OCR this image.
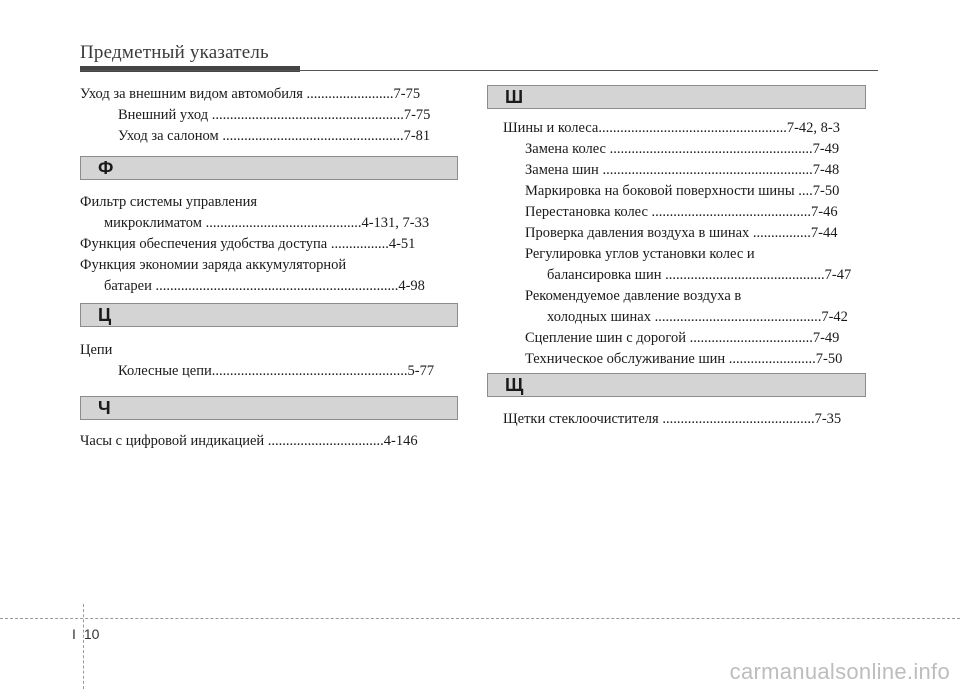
Предметный указатель
Уход за внешним видом автомобиля ........................7-75
Внешний уход .....................................................7-75
Уход за салоном ..................................................7-81
Ф
Фильтр системы управления
микроклиматом ...........................................4-131, 7-33
Функция обеспечения удобства доступа ................4-51
Функция экономии заряда аккумуляторной
батареи ...................................................................4-98
Ц
Цепи
Колесные цепи......................................................5-77
Ч
Часы с цифровой индикацией ................................4-146
Ш
Шины и колеса....................................................7-42, 8-3
Замена колес ........................................................7-49
Замена шин ..........................................................7-48
Маркировка на боковой поверхности шины ....7-50
Перестановка колес ............................................7-46
Проверка давления воздуха в шинах ................7-44
Регулировка углов установки колес и
балансировка шин ............................................7-47
Рекомендуемое давление воздуха в
холодных шинах ..............................................7-42
Сцепление шин с дорогой ..................................7-49
Техническое обслуживание шин ........................7-50
Щ
Щетки стеклоочистителя ..........................................7-35
I 10
carmanualsonline.info
